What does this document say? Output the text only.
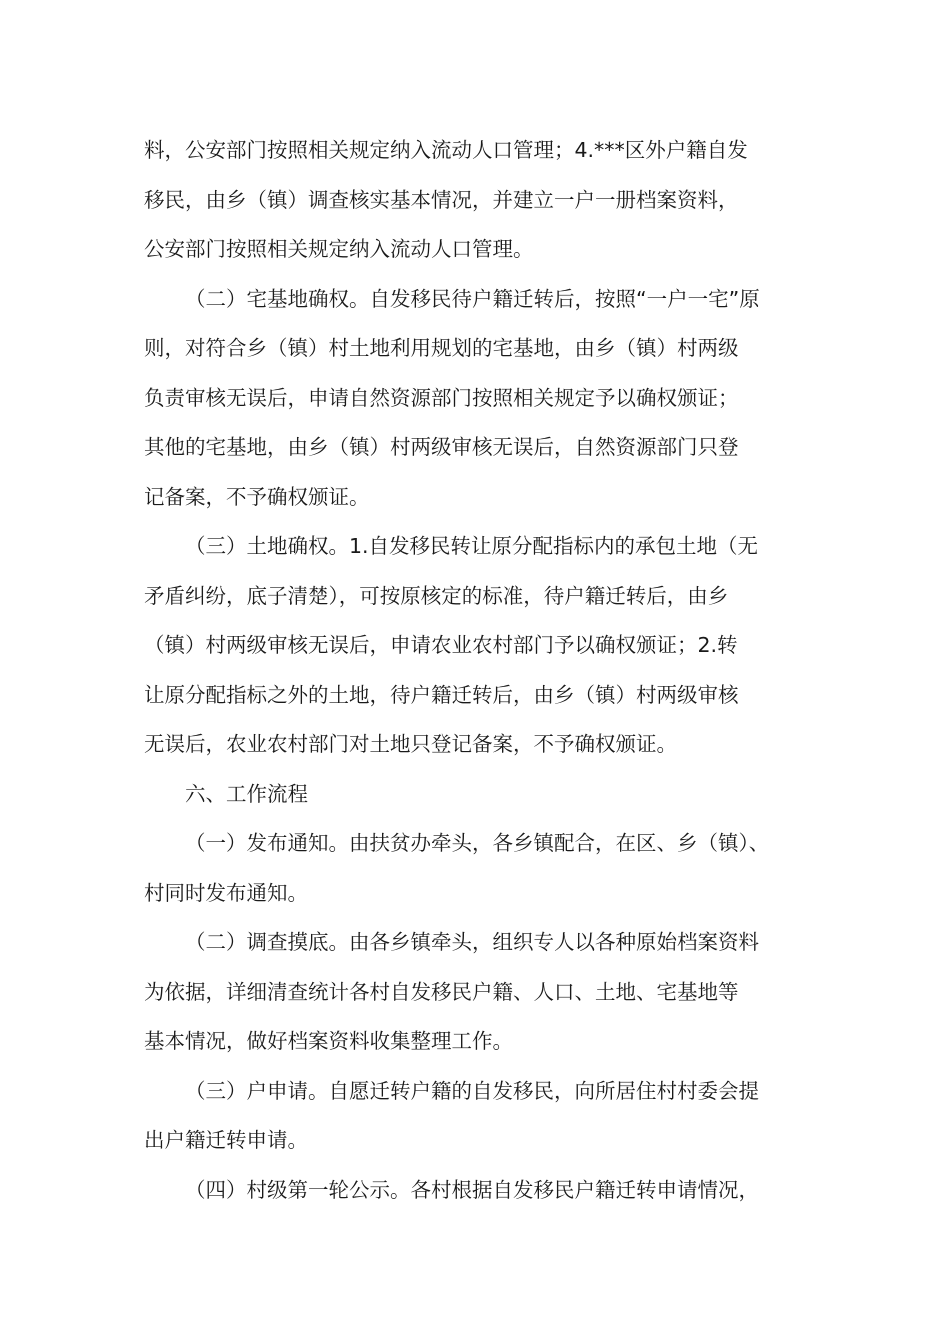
料，公安部门按照相关规定纳入流动人口管理；4.***区外户籍自发
移民，由乡（镇）调查核实基本情况，并建立一户一册档案资料，
公安部门按照相关规定纳入流动人口管理。
（二）宅基地确权。自发移民待户籍迁转后，按照“一户一宅”原
则，对符合乡（镇）村土地利用规划的宅基地，由乡（镇）村两级
负责审核无误后，申请自然资源部门按照相关规定予以确权颁证；
其他的宅基地，由乡（镇）村两级审核无误后，自然资源部门只登
记备案，不予确权颁证。
（三）土地确权。1.自发移民转让原分配指标内的承包土地（无
矛盾纠纷，底子清楚），可按原核定的标准，待户籍迁转后，由乡
（镇）村两级审核无误后，申请农业农村部门予以确权颁证；2.转
让原分配指标之外的土地，待户籍迁转后，由乡（镇）村两级审核
无误后，农业农村部门对土地只登记备案，不予确权颁证。
六、工作流程
（一）发布通知。由扶贫办牵头，各乡镇配合，在区、乡（镇）、
村同时发布通知。
（二）调查摸底。由各乡镇牵头，组织专人以各种原始档案资料
为依据，详细清查统计各村自发移民户籍、人口、土地、宅基地等
基本情况，做好档案资料收集整理工作。
（三）户申请。自愿迁转户籍的自发移民，向所居住村村委会提
出户籍迁转申请。
（四）村级第一轮公示。各村根据自发移民户籍迁转申请情况，
